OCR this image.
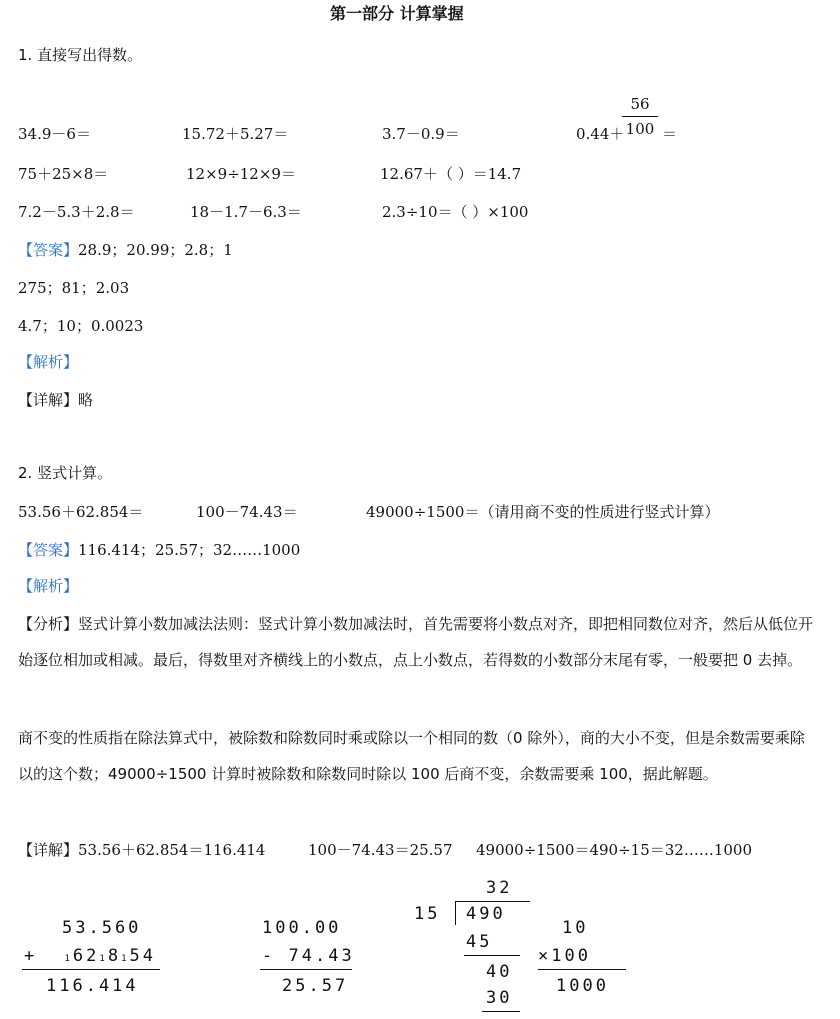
第一部分 计算掌握
1. 直接写出得数。
34.9－6＝	15.72＋5.27＝	3.7－0.9＝	0.44＋
$\frac{56}{100}$ ＝
75＋25×8＝	12×9÷12×9＝	12.67＋（ ）＝14.7
7.2－5.3＋2.8＝	18－1.7－6.3＝	2.3÷10＝（ ）×100
【答案】28.9；20.99；2.8；1
275；81；2.03
4.7；10；0.0023
【解析】
【详解】略
2. 竖式计算。
53.56＋62.854＝	100－74.43＝	49000÷1500＝（请用商不变的性质进行竖式计算）
【答案】116.414；25.57；32……1000
【解析】
【分析】竖式计算小数加减法法则：竖式计算小数加减法时，首先需要将小数点对齐，即把相同数位对齐，然后从低位开始逐位相加或相减。最后，得数里对齐横线上的小数点，点上小数点，若得数的小数部分末尾有零，一般要把 0 去掉。
商不变的性质指在除法算式中，被除数和除数同时乘或除以一个相同的数（0 除外），商的大小不变，但是余数需要乘除以的这个数；49000÷1500 计算时被除数和除数同时除以 100 后商不变，余数需要乘 100，据此解题。
【详解】53.56＋62.854＝116.414	100－74.43＝25.57 49000÷1500＝490÷15＝32……1000
53.560
+	16218154
116.414
100.00
- 74.43
25.57
32
15 490
45
40
30
10
×100
1000
